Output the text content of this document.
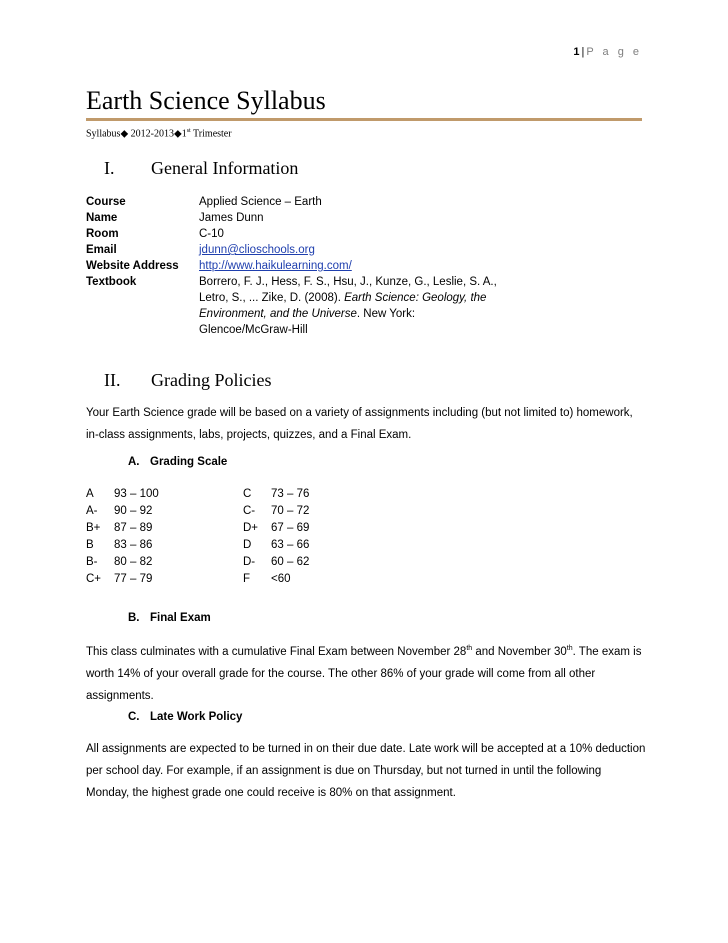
1 | P a g e
Earth Science Syllabus
Syllabus◆ 2012-2013◆1st Trimester
I. General Information
Course	Applied Science – Earth
Name	James Dunn
Room	C-10
Email	jdunn@clioschools.org
Website Address	http://www.haikulearning.com/
Textbook	Borrero, F. J., Hess, F. S., Hsu, J., Kunze, G., Leslie, S. A., Letro, S., ... Zike, D. (2008). Earth Science: Geology, the Environment, and the Universe. New York: Glencoe/McGraw-Hill
II. Grading Policies
Your Earth Science grade will be based on a variety of assignments including (but not limited to) homework, in-class assignments, labs, projects, quizzes, and a Final Exam.
A. Grading Scale
A	93 – 100	C	73 – 76
A-	90 – 92	C-	70 – 72
B+	87 – 89	D+	67 – 69
B	83 – 86	D	63 – 66
B-	80 – 82	D-	60 – 62
C+	77 – 79	F	<60
B. Final Exam
This class culminates with a cumulative Final Exam between November 28th and November 30th. The exam is worth 14% of your overall grade for the course. The other 86% of your grade will come from all other assignments.
C. Late Work Policy
All assignments are expected to be turned in on their due date. Late work will be accepted at a 10% deduction per school day. For example, if an assignment is due on Thursday, but not turned in until the following Monday, the highest grade one could receive is 80% on that assignment.
